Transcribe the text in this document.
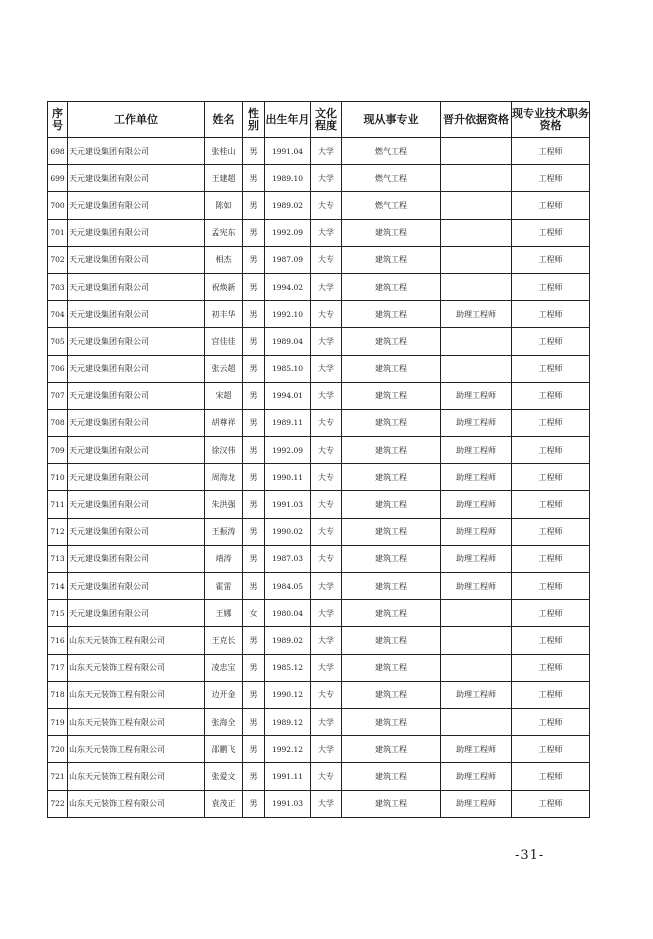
序号	工作单位	姓名	性别	出生年月	文化程度	现从事专业	晋升依据资格	现专业技术职务资格
698	天元建设集团有限公司	张桂山	男	1991.04	大学	燃气工程		工程师
699	天元建设集团有限公司	王建超	男	1989.10	大学	燃气工程		工程师
700	天元建设集团有限公司	陈如	男	1989.02	大专	燃气工程		工程师
701	天元建设集团有限公司	孟宪东	男	1992.09	大学	建筑工程		工程师
702	天元建设集团有限公司	相杰	男	1987.09	大专	建筑工程		工程师
703	天元建设集团有限公司	祝焕新	男	1994.02	大学	建筑工程		工程师
704	天元建设集团有限公司	初丰华	男	1992.10	大专	建筑工程	助理工程师	工程师
705	天元建设集团有限公司	宫佳佳	男	1989.04	大学	建筑工程		工程师
706	天元建设集团有限公司	张云超	男	1985.10	大学	建筑工程		工程师
707	天元建设集团有限公司	宋超	男	1994.01	大学	建筑工程	助理工程师	工程师
708	天元建设集团有限公司	胡尊祥	男	1989.11	大专	建筑工程	助理工程师	工程师
709	天元建设集团有限公司	徐汉伟	男	1992.09	大专	建筑工程	助理工程师	工程师
710	天元建设集团有限公司	周海龙	男	1990.11	大专	建筑工程	助理工程师	工程师
711	天元建设集团有限公司	朱洪强	男	1991.03	大专	建筑工程	助理工程师	工程师
712	天元建设集团有限公司	王振涛	男	1990.02	大专	建筑工程	助理工程师	工程师
713	天元建设集团有限公司	靖涛	男	1987.03	大专	建筑工程	助理工程师	工程师
714	天元建设集团有限公司	霍雷	男	1984.05	大学	建筑工程	助理工程师	工程师
715	天元建设集团有限公司	王娜	女	1980.04	大学	建筑工程		工程师
716	山东天元装饰工程有限公司	王克长	男	1989.02	大学	建筑工程		工程师
717	山东天元装饰工程有限公司	凌忠宝	男	1985.12	大学	建筑工程		工程师
718	山东天元装饰工程有限公司	边开金	男	1990.12	大专	建筑工程	助理工程师	工程师
719	山东天元装饰工程有限公司	张海全	男	1989.12	大学	建筑工程		工程师
720	山东天元装饰工程有限公司	邵鹏飞	男	1992.12	大学	建筑工程	助理工程师	工程师
721	山东天元装饰工程有限公司	张爱文	男	1991.11	大专	建筑工程	助理工程师	工程师
722	山东天元装饰工程有限公司	袁茂正	男	1991.03	大学	建筑工程	助理工程师	工程师
-31-
